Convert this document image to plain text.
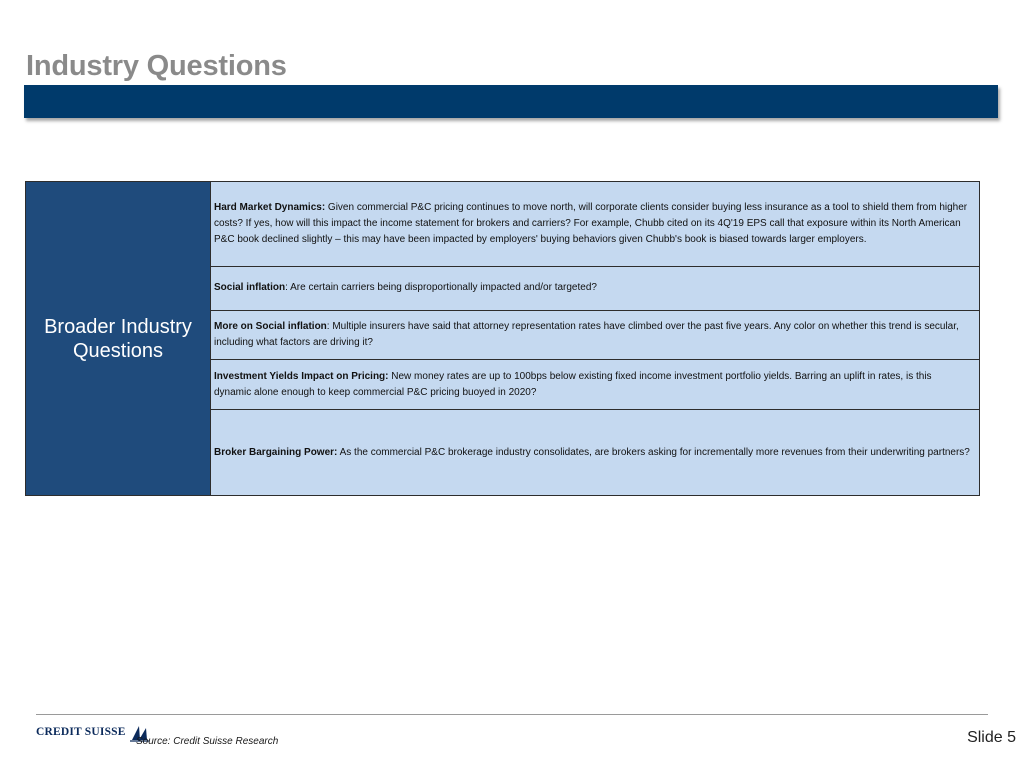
Industry Questions
Broader Industry Questions
Hard Market Dynamics: Given commercial P&C pricing continues to move north, will corporate clients consider buying less insurance as a tool to shield them from higher costs? If yes, how will this impact the income statement for brokers and carriers? For example, Chubb cited on its 4Q'19 EPS call that exposure within its North American P&C book declined slightly – this may have been impacted by employers' buying behaviors given Chubb's book is biased towards larger employers.
Social inflation: Are certain carriers being disproportionally impacted and/or targeted?
More on Social inflation: Multiple insurers have said that attorney representation rates have climbed over the past five years. Any color on whether this trend is secular, including what factors are driving it?
Investment Yields Impact on Pricing: New money rates are up to 100bps below existing fixed income investment portfolio yields. Barring an uplift in rates, is this dynamic alone enough to keep commercial P&C pricing buoyed in 2020?
Broker Bargaining Power: As the commercial P&C brokerage industry consolidates, are brokers asking for incrementally more revenues from their underwriting partners?
CREDIT SUISSE
Source: Credit Suisse Research	Slide 5
